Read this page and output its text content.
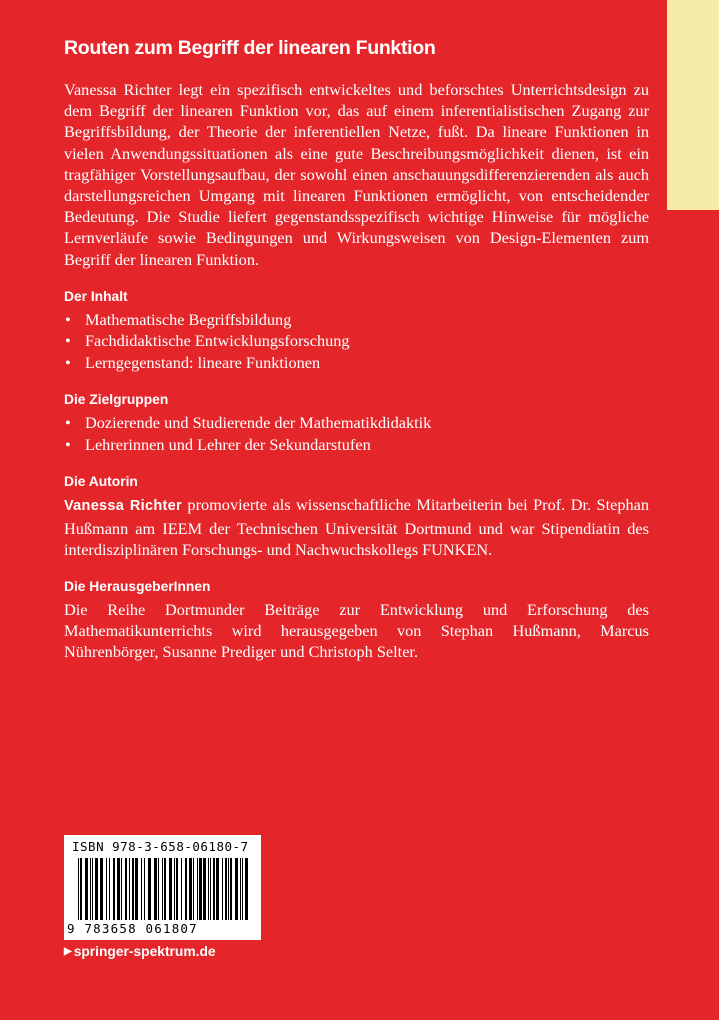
Routen zum Begriff der linearen Funktion

Vanessa Richter legt ein spezifisch entwickeltes und beforschtes Unterrichtsdesign zu dem Begriff der linearen Funktion vor, das auf einem inferentialistischen Zugang zur Begriffsbildung, der Theorie der inferentiellen Netze, fußt. Da lineare Funktionen in vielen Anwendungssituationen als eine gute Beschreibungsmöglichkeit dienen, ist ein tragfähiger Vorstellungsaufbau, der sowohl einen anschauungsdifferenzierenden als auch darstellungsreichen Umgang mit linearen Funktionen ermöglicht, von entscheidender Bedeutung. Die Studie liefert gegenstandsspezifisch wichtige Hinweise für mögliche Lernverläufe sowie Bedingungen und Wirkungsweisen von Design-Elementen zum Begriff der linearen Funktion.

Der Inhalt
• Mathematische Begriffsbildung
• Fachdidaktische Entwicklungsforschung
• Lerngegenstand: lineare Funktionen
Die Zielgruppen
• Dozierende und Studierende der Mathematikdidaktik
• Lehrerinnen und Lehrer der Sekundarstufen
Die Autorin

Vanessa Richter promovierte als wissenschaftliche Mitarbeiterin bei Prof. Dr. Stephan Hußmann am IEEM der Technischen Universität Dortmund und war Stipendiatin des interdisziplinären Forschungs- und Nachwuchskollegs FUNKEN.

Die HerausgeberInnen

Die Reihe Dortmunder Beiträge zur Entwicklung und Erforschung des Mathematikunterrichts wird herausgegeben von Stephan Hußmann, Marcus Nührenbörger, Susanne Prediger und Christoph Selter.

ISBN 978-3-658-06180-7
9 783658 061807
▶ springer-spektrum.de
